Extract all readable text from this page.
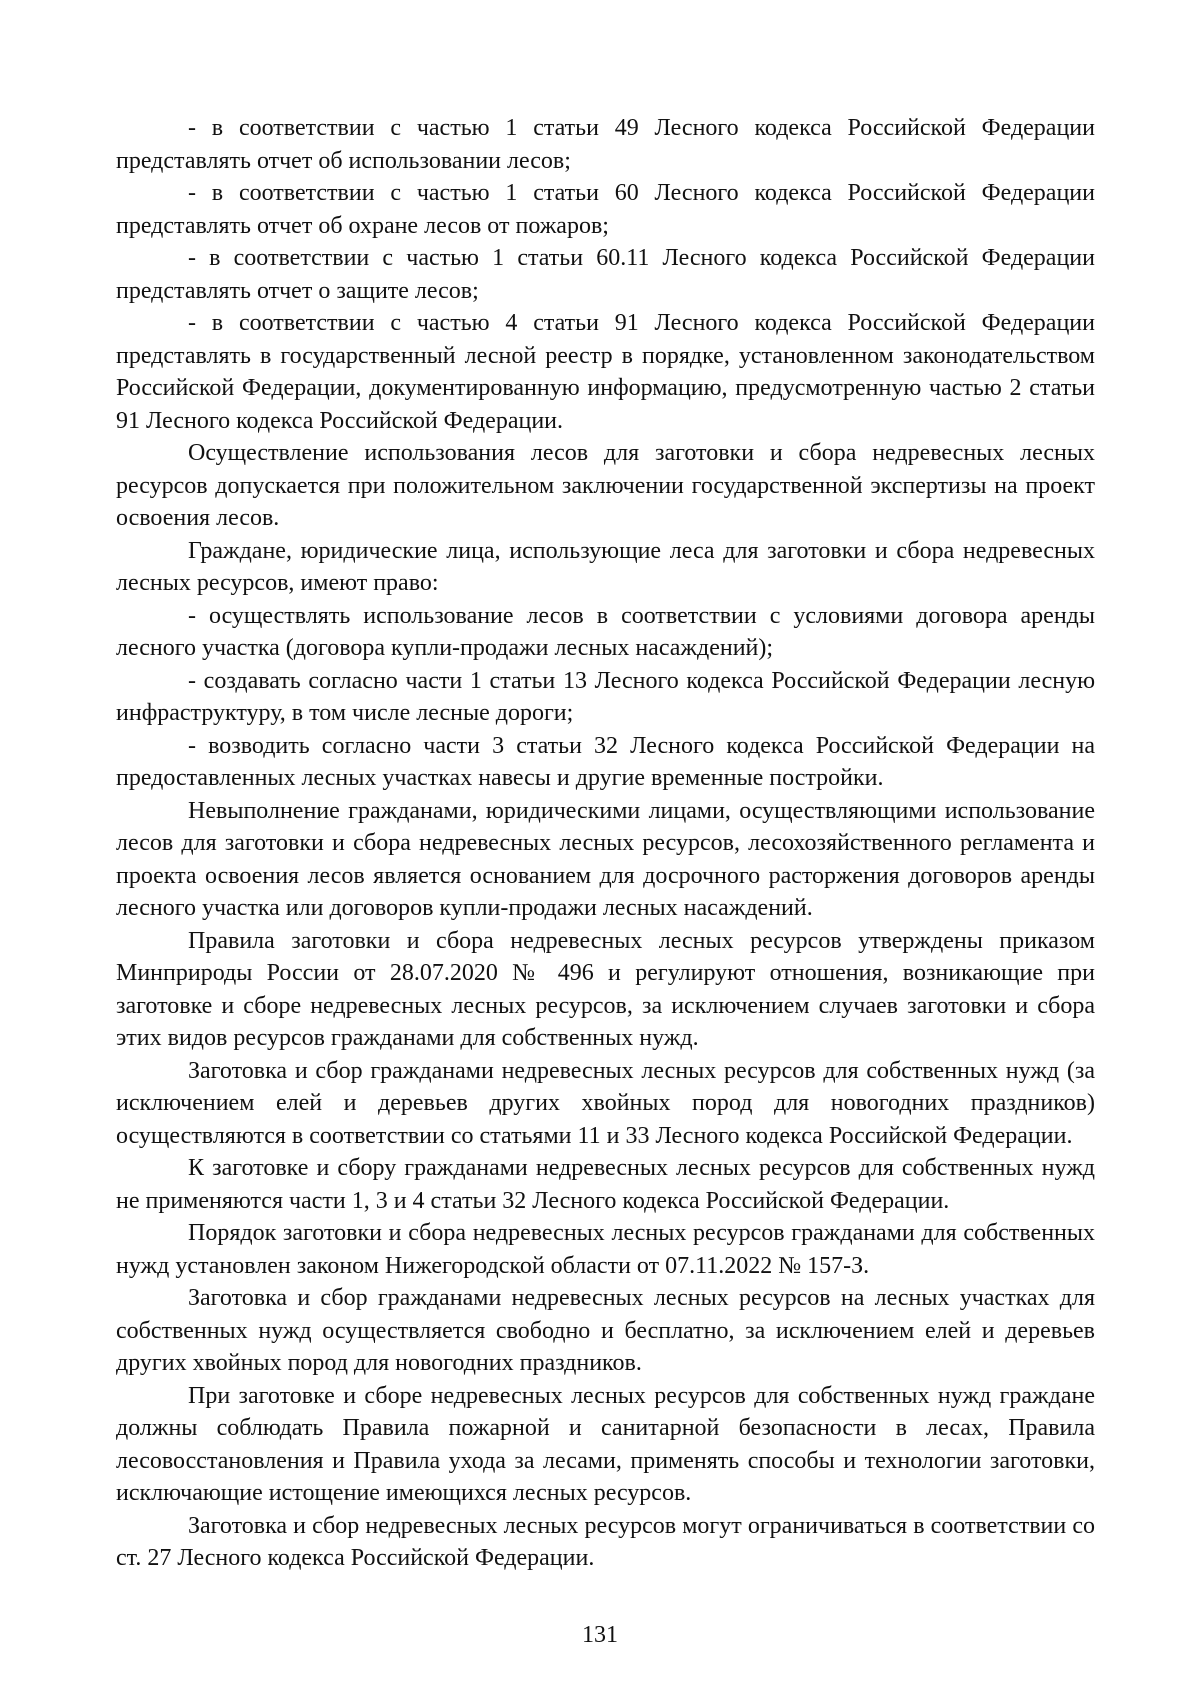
- в соответствии с частью 1 статьи 49 Лесного кодекса Российской Федерации представлять отчет об использовании лесов;

- в соответствии с частью 1 статьи 60 Лесного кодекса Российской Федерации представлять отчет об охране лесов от пожаров;

- в соответствии с частью 1 статьи 60.11 Лесного кодекса Российской Федерации представлять отчет о защите лесов;

- в соответствии с частью 4 статьи 91 Лесного кодекса Российской Федерации представлять в государственный лесной реестр в порядке, установленном законодательством Российской Федерации, документированную информацию, предусмотренную частью 2 статьи 91 Лесного кодекса Российской Федерации.

Осуществление использования лесов для заготовки и сбора недревесных лесных ресурсов допускается при положительном заключении государственной экспертизы на проект освоения лесов.

Граждане, юридические лица, использующие леса для заготовки и сбора недревесных лесных ресурсов, имеют право:

- осуществлять использование лесов в соответствии с условиями договора аренды лесного участка (договора купли-продажи лесных насаждений);

- создавать согласно части 1 статьи 13 Лесного кодекса Российской Федерации лесную инфраструктуру, в том числе лесные дороги;

- возводить согласно части 3 статьи 32 Лесного кодекса Российской Федерации на предоставленных лесных участках навесы и другие временные постройки.

Невыполнение гражданами, юридическими лицами, осуществляющими использование лесов для заготовки и сбора недревесных лесных ресурсов, лесохозяйственного регламента и проекта освоения лесов является основанием для досрочного расторжения договоров аренды лесного участка или договоров купли-продажи лесных насаждений.

Правила заготовки и сбора недревесных лесных ресурсов утверждены приказом Минприроды России от 28.07.2020 № 496 и регулируют отношения, возникающие при заготовке и сборе недревесных лесных ресурсов, за исключением случаев заготовки и сбора этих видов ресурсов гражданами для собственных нужд.

Заготовка и сбор гражданами недревесных лесных ресурсов для собственных нужд (за исключением елей и деревьев других хвойных пород для новогодних праздников) осуществляются в соответствии со статьями 11 и 33 Лесного кодекса Российской Федерации.

К заготовке и сбору гражданами недревесных лесных ресурсов для собственных нужд не применяются части 1, 3 и 4 статьи 32 Лесного кодекса Российской Федерации.

Порядок заготовки и сбора недревесных лесных ресурсов гражданами для собственных нужд установлен законом Нижегородской области от 07.11.2022 № 157-З.

Заготовка и сбор гражданами недревесных лесных ресурсов на лесных участках для собственных нужд осуществляется свободно и бесплатно, за исключением елей и деревьев других хвойных пород для новогодних праздников.

При заготовке и сборе недревесных лесных ресурсов для собственных нужд граждане должны соблюдать Правила пожарной и санитарной безопасности в лесах, Правила лесовосстановления и Правила ухода за лесами, применять способы и технологии заготовки, исключающие истощение имеющихся лесных ресурсов.

Заготовка и сбор недревесных лесных ресурсов могут ограничиваться в соответствии со ст. 27 Лесного кодекса Российской Федерации.

131
